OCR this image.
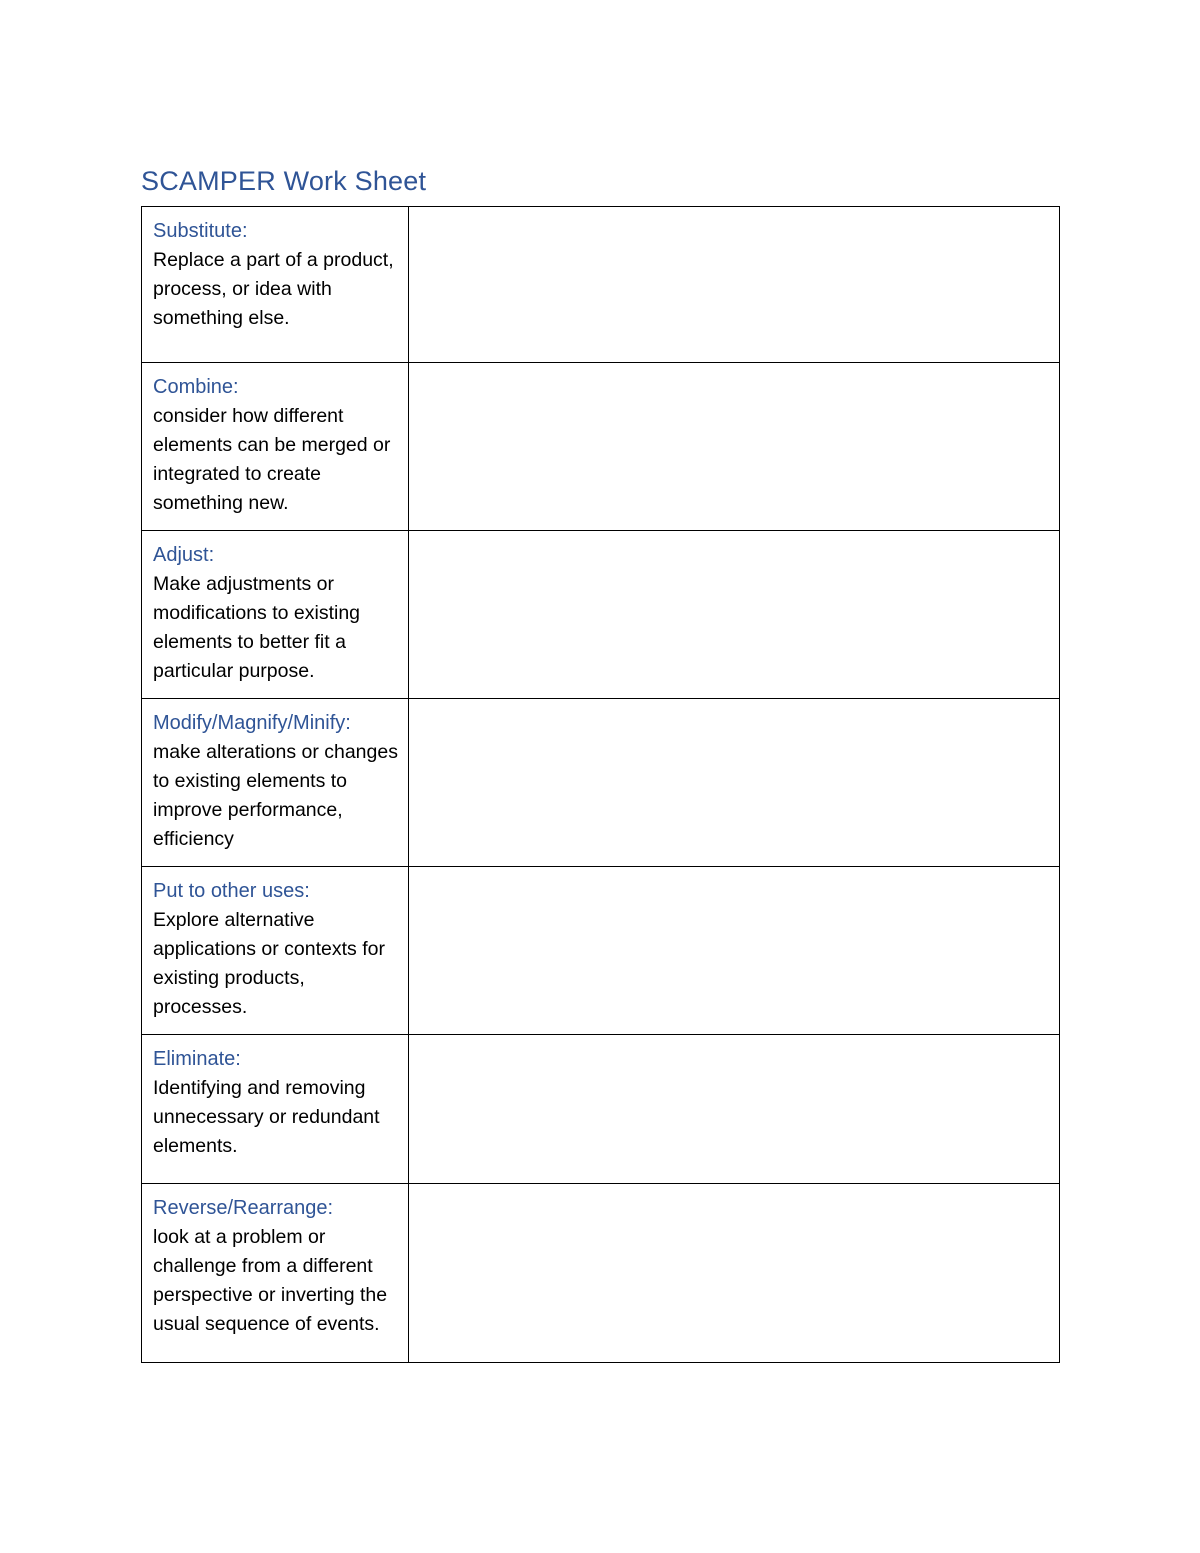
SCAMPER Work Sheet
Substitute:
Replace a part of a product, process, or idea with something else.	

Combine:
consider how different elements can be merged or integrated to create something new.	

Adjust:
Make adjustments or modifications to existing elements to better fit a particular purpose.	

Modify/Magnify/Minify:
make alterations or changes to existing elements to improve performance, efficiency	

Put to other uses:
Explore alternative applications or contexts for existing products, processes.	

Eliminate:
Identifying and removing unnecessary or redundant elements.	

Reverse/Rearrange:
look at a problem or challenge from a different perspective or inverting the usual sequence of events.	
